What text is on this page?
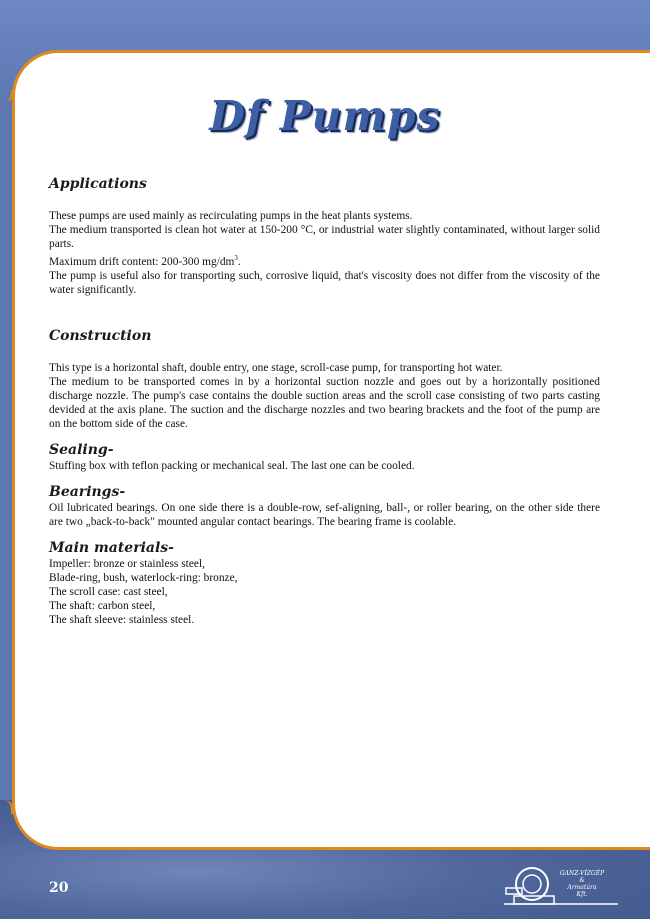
Df Pumps
Applications

These pumps are used mainly as recirculating pumps in the heat plants systems.

The medium transported is clean hot water at 150-200 °C, or industrial water slightly contaminated, without larger solid parts.

Maximum drift content: 200-300 $mg/dm^3$.

The pump is useful also for transporting such, corrosive liquid, that's viscosity does not differ from the viscosity of the water significantly.

Construction

This type is a horizontal shaft, double entry, one stage, scroll-case pump, for transporting hot water.

The medium to be transported comes in by a horizontal suction nozzle and goes out by a horizontally positioned discharge nozzle. The pump's case contains the double suction areas and the scroll case consisting of two parts casting devided at the axis plane. The suction and the discharge nozzles and two bearing brackets and the foot of the pump are on the bottom side of the case.

Sealing-

Stuffing box with teflon packing or mechanical seal. The last one can be cooled.

Bearings-

Oil lubricated bearings. On one side there is a double-row, sef-aligning, ball-, or roller bearing, on the other side there are two „back-to-back" mounted angular contact bearings. The bearing frame is coolable.

Main materials-

Impeller: bronze or stainless steel,

Blade-ring, bush, waterlock-ring: bronze,

The scroll case: cast steel,

The shaft: carbon steel,

The shaft sleeve: stainless steel.

20
GANZ-VÍZGÉP
&
Armatúra
Kft.
